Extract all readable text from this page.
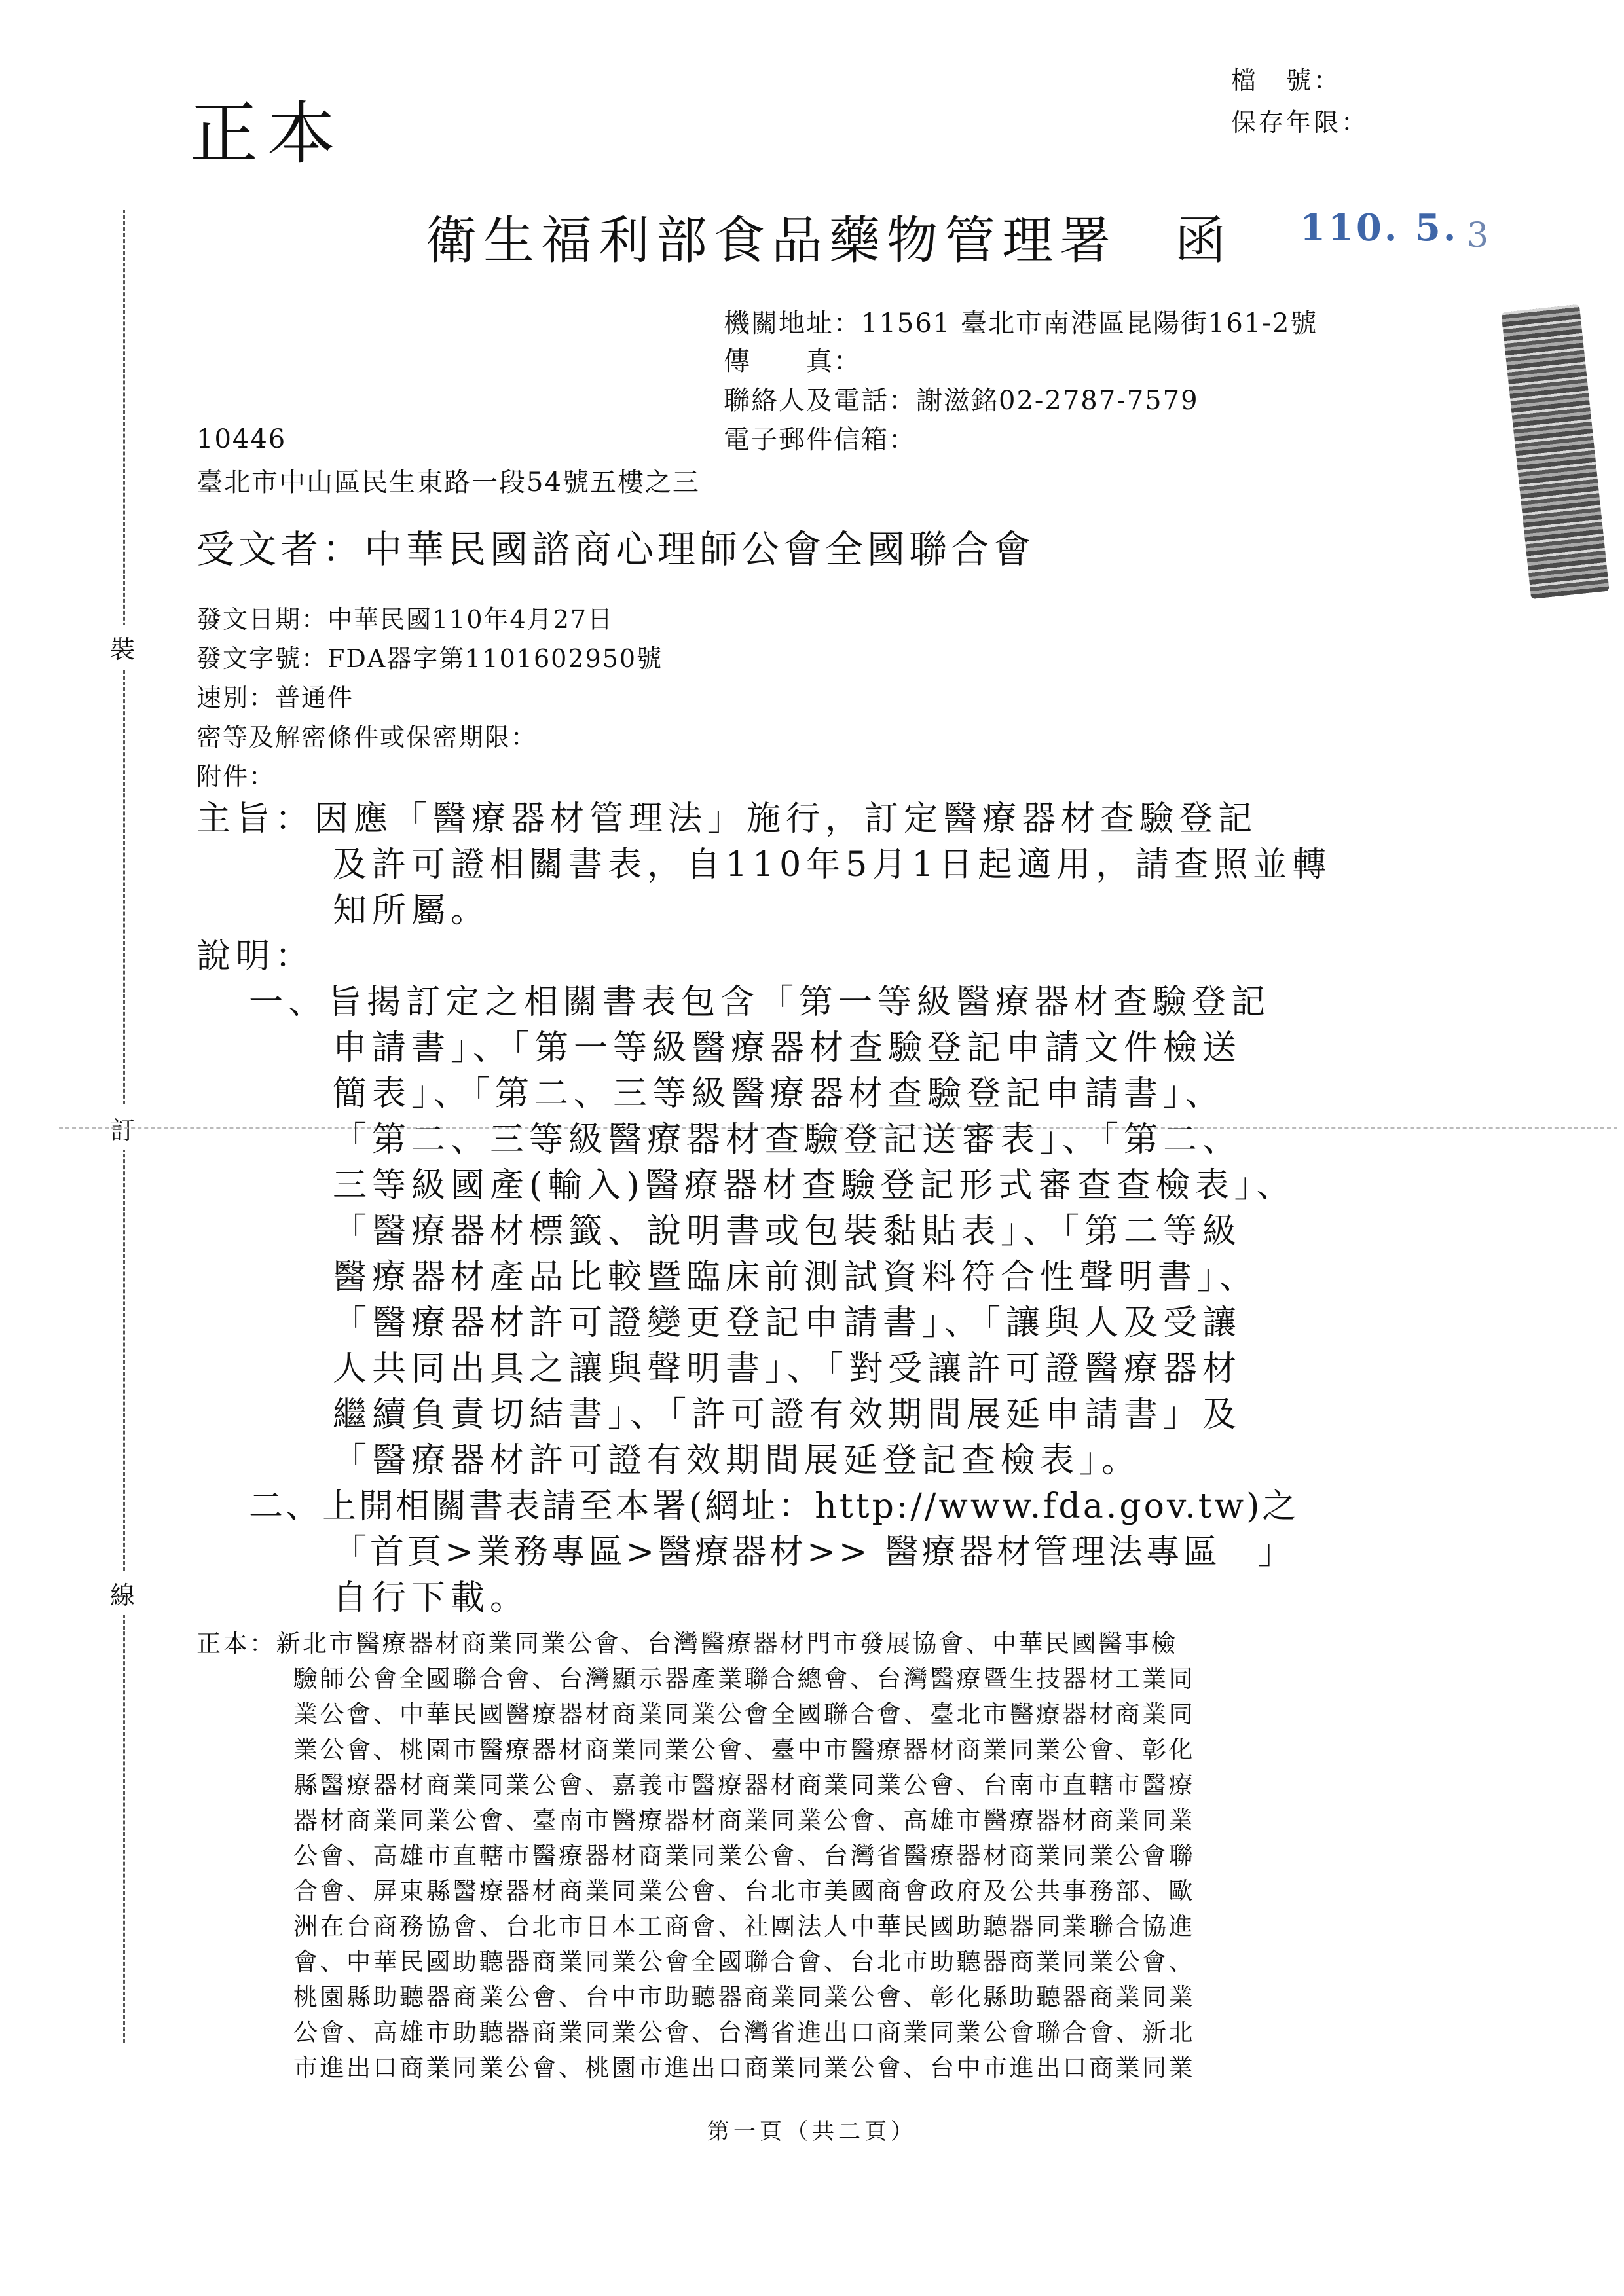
裝
訂
線
正本
檔　號：
保存年限：
衛生福利部食品藥物管理署　函 110. 5. 3
機關地址：11561 臺北市南港區昆陽街161-2號
傳　　真：
聯絡人及電話：謝滋銘02-2787-7579
電子郵件信箱：
10446
臺北市中山區民生東路一段54號五樓之三
受文者：中華民國諮商心理師公會全國聯合會
發文日期：中華民國110年4月27日
發文字號：FDA器字第1101602950號
速別：普通件
密等及解密條件或保密期限：
附件：
主旨：因應「醫療器材管理法」施行，訂定醫療器材查驗登記
及許可證相關書表，自110年5月1日起適用，請查照並轉
知所屬。
說明：
一、旨揭訂定之相關書表包含「第一等級醫療器材查驗登記
申請書」、「第一等級醫療器材查驗登記申請文件檢送
簡表」、「第二、三等級醫療器材查驗登記申請書」、
「第二、三等級醫療器材查驗登記送審表」、「第二、
三等級國產(輸入)醫療器材查驗登記形式審查查檢表」、
「醫療器材標籤、說明書或包裝黏貼表」、「第二等級
醫療器材產品比較暨臨床前測試資料符合性聲明書」、
「醫療器材許可證變更登記申請書」、「讓與人及受讓
人共同出具之讓與聲明書」、「對受讓許可證醫療器材
繼續負責切結書」、「許可證有效期間展延申請書」及
「醫療器材許可證有效期間展延登記查檢表」。
二、上開相關書表請至本署(網址：http://www.fda.gov.tw)之
「首頁>業務專區>醫療器材>> 醫療器材管理法專區　」
自行下載。
正本：新北市醫療器材商業同業公會、台灣醫療器材門市發展協會、中華民國醫事檢
驗師公會全國聯合會、台灣顯示器產業聯合總會、台灣醫療暨生技器材工業同
業公會、中華民國醫療器材商業同業公會全國聯合會、臺北市醫療器材商業同
業公會、桃園市醫療器材商業同業公會、臺中市醫療器材商業同業公會、彰化
縣醫療器材商業同業公會、嘉義市醫療器材商業同業公會、台南市直轄市醫療
器材商業同業公會、臺南市醫療器材商業同業公會、高雄市醫療器材商業同業
公會、高雄市直轄市醫療器材商業同業公會、台灣省醫療器材商業同業公會聯
合會、屏東縣醫療器材商業同業公會、台北市美國商會政府及公共事務部、歐
洲在台商務協會、台北市日本工商會、社團法人中華民國助聽器同業聯合協進
會、中華民國助聽器商業同業公會全國聯合會、台北市助聽器商業同業公會、
桃園縣助聽器商業公會、台中市助聽器商業同業公會、彰化縣助聽器商業同業
公會、高雄市助聽器商業同業公會、台灣省進出口商業同業公會聯合會、新北
市進出口商業同業公會、桃園市進出口商業同業公會、台中市進出口商業同業
第一頁（共二頁）
